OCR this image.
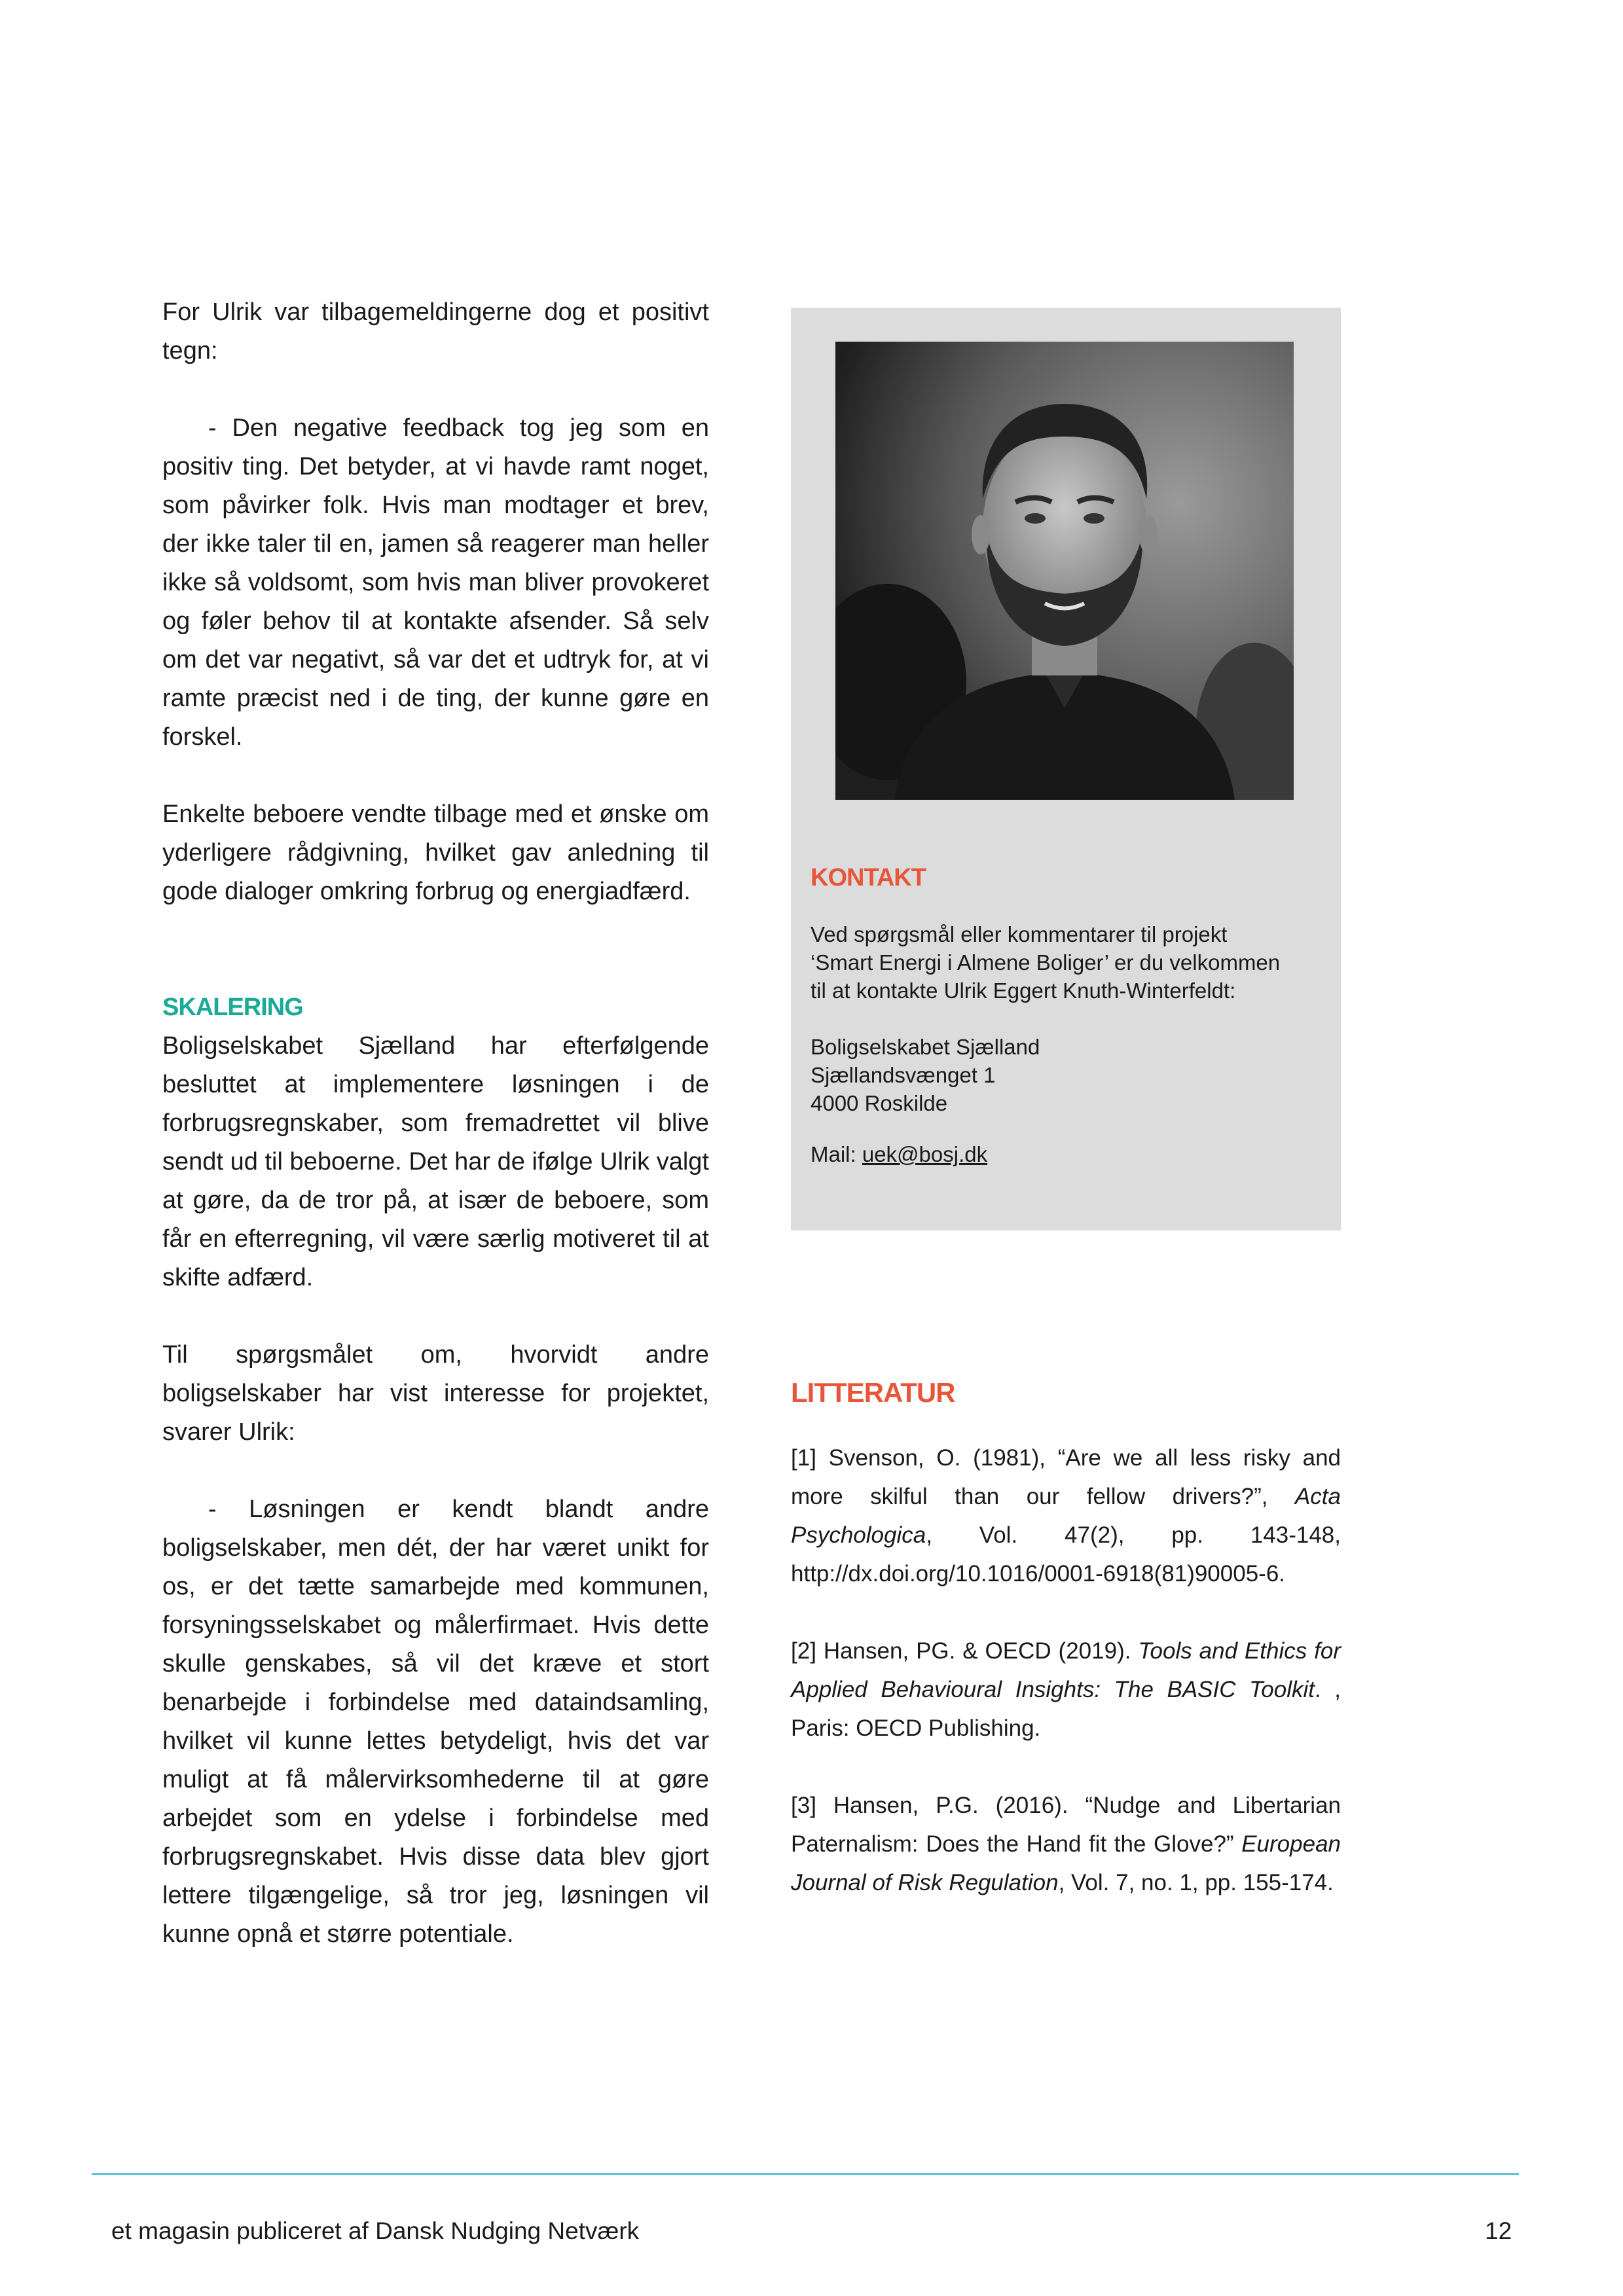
For Ulrik var tilbagemeldingerne dog et positivt tegn:

- Den negative feedback tog jeg som en positiv ting. Det betyder, at vi havde ramt noget, som påvirker folk. Hvis man modtager et brev, der ikke taler til en, jamen så reagerer man heller ikke så voldsomt, som hvis man bliver provokeret og føler behov til at kontakte afsender. Så selv om det var negativt, så var det et udtryk for, at vi ramte præcist ned i de ting, der kunne gøre en forskel.

Enkelte beboere vendte tilbage med et ønske om yderligere rådgivning, hvilket gav anledning til gode dialoger omkring forbrug og energiadfærd.

SKALERING

Boligselskabet Sjælland har efterfølgende besluttet at implementere løsningen i de forbrugsregnskaber, som fremadrettet vil blive sendt ud til beboerne. Det har de ifølge Ulrik valgt at gøre, da de tror på, at især de beboere, som får en efterregning, vil være særlig motiveret til at skifte adfærd.

Til spørgsmålet om, hvorvidt andre boligselskaber har vist interesse for projektet, svarer Ulrik:

- Løsningen er kendt blandt andre boligselskaber, men dét, der har været unikt for os, er det tætte samarbejde med kommunen, forsyningsselskabet og målerfirmaet. Hvis dette skulle genskabes, så vil det kræve et stort benarbejde i forbindelse med dataindsamling, hvilket vil kunne lettes betydeligt, hvis det var muligt at få målervirksomhederne til at gøre arbejdet som en ydelse i forbindelse med forbrugsregnskabet. Hvis disse data blev gjort lettere tilgængelige, så tror jeg, løsningen vil kunne opnå et større potentiale.

KONTAKT

Ved spørgsmål eller kommentarer til projekt

‘Smart Energi i Almene Boliger’ er du velkommen

til at kontakte Ulrik Eggert Knuth-Winterfeldt:

Boligselskabet Sjælland

Sjællandsvænget 1

4000 Roskilde

Mail: uek@bosj.dk

LITTERATUR

[1] Svenson, O. (1981), “Are we all less risky and more skilful than our fellow drivers?”, Acta Psychologica, Vol. 47(2), pp. 143-148, http://dx.doi.org/10.1016/0001-6918(81)90005-6.

[2] Hansen, PG. & OECD (2019). Tools and Ethics for Applied Behavioural Insights: The BASIC Toolkit. , Paris: OECD Publishing.

[3] Hansen, P.G. (2016). “Nudge and Libertarian Paternalism: Does the Hand fit the Glove?” European Journal of Risk Regulation, Vol. 7, no. 1, pp. 155-174.

et magasin publiceret af Dansk Nudging Netværk	12
